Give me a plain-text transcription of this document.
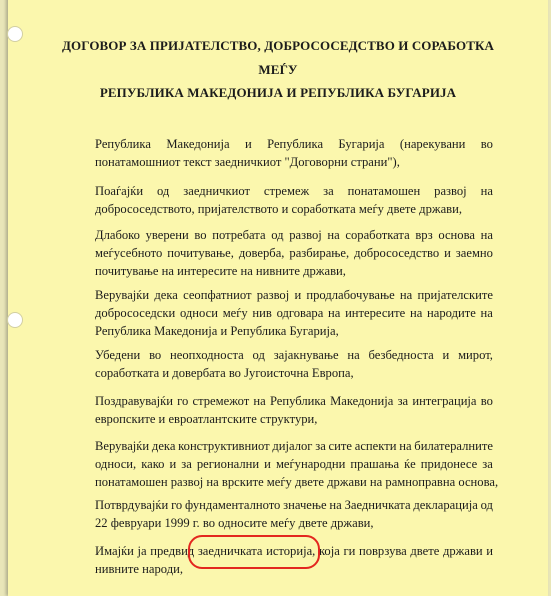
ДОГОВОР ЗА ПРИЈАТЕЛСТВО, ДОБРОСОСЕДСТВО И СОРАБОТКА
МЕЃУ
РЕПУБЛИКА МАКЕДОНИЈА И РЕПУБЛИКА БУГАРИЈА
Република Македонија и Република Бугарија (нарекувани во
понатамошниот текст заедничкиот "Договорни страни"),
Поаѓајќи од заедничкиот стремеж за понатамошен развој на
добрососедството, пријателството и соработката меѓу двете држави,
Длабоко уверени во потребата од развој на соработката врз основа на
меѓусебното почитување, доверба, разбирање, добрососедство и заемно
почитување на интересите на нивните држави,
Верувајќи дека сеопфатниот развој и продлабочување на пријателските
добрососедски односи меѓу нив одговара на интересите на народите на
Република Македонија и Република Бугарија,
Убедени во неопходноста од зајакнување на безбедноста и мирот,
соработката и довербата во Југоисточна Европа,
Поздравувајќи го стремежот на Република Македонија за интеграција во
европските и евроатлантските структури,
Верувајќи дека конструктивниот дијалог за сите аспекти на билатералните
односи, како и за регионални и меѓународни прашања ќе придонесе за
понатамошен развој на врските меѓу двете држави на рамноправна основа,
Потврдувајќи го фундаменталното значење на Заедничката декларација од
22 февруари 1999 г. во односите меѓу двете држави,
Имајќи ја предвид заедничката историја, која ги поврзува двете држави и
нивните народи,
